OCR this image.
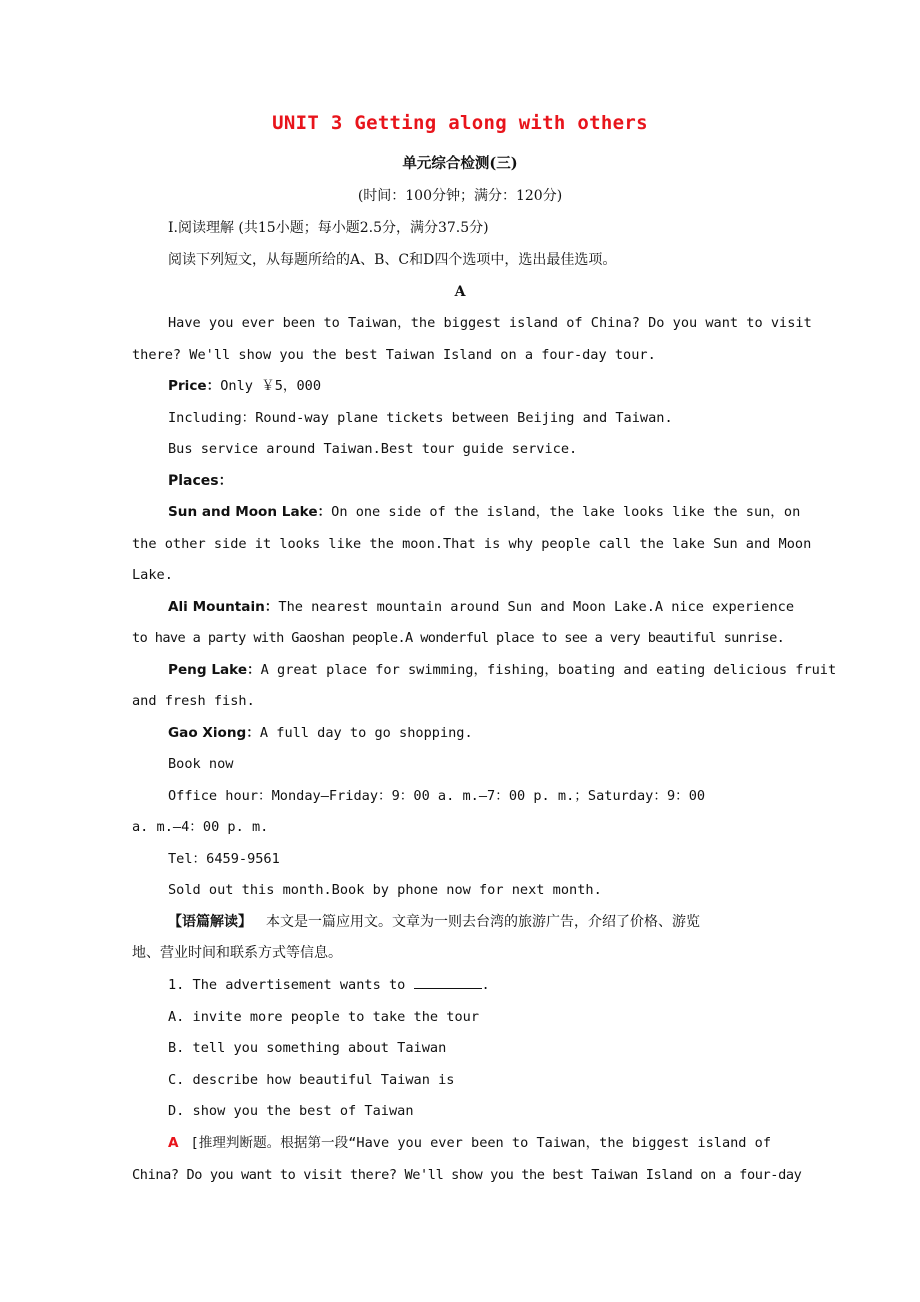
UNIT 3 Getting along with others
单元综合检测(三)
(时间：100分钟；满分：120分)
Ⅰ.阅读理解 (共15小题；每小题2.5分，满分37.5分)
阅读下列短文，从每题所给的A、B、C和D四个选项中，选出最佳选项。
A
Have you ever been to Taiwan，the biggest island of China? Do you want to visit
there? We'll show you the best Taiwan Island on a four-day tour.
Price：Only ￥5，000
Including：Round-way plane tickets between Beijing and Taiwan.
Bus service around Taiwan.Best tour guide service.
Places：
Sun and Moon Lake：On one side of the island，the lake looks like the sun，on
the other side it looks like the moon.That is why people call the lake Sun and Moon
Lake.
Ali Mountain：The nearest mountain around Sun and Moon Lake.A nice experience
to have a party with Gaoshan people.A wonderful place to see a very beautiful sunrise.
Peng Lake：A great place for swimming，fishing，boating and eating delicious fruit
and fresh fish.
Gao Xiong：A full day to go shopping.
Book now
Office hour：Monday—Friday：9：00 a. m.—7：00 p. m.；Saturday：9：00
a. m.—4：00 p. m.
Tel：6459-9561
Sold out this month.Book by phone now for next month.
【语篇解读】 本文是一篇应用文。文章为一则去台湾的旅游广告，介绍了价格、游览
地、营业时间和联系方式等信息。
1. The advertisement wants to	.
A. invite more people to take the tour
B. tell you something about Taiwan
C. describe how beautiful Taiwan is
D. show you the best of Taiwan
A [推理判断题。根据第一段“Have you ever been to Taiwan，the biggest island of
China? Do you want to visit there? We'll show you the best Taiwan Island on a four-day
